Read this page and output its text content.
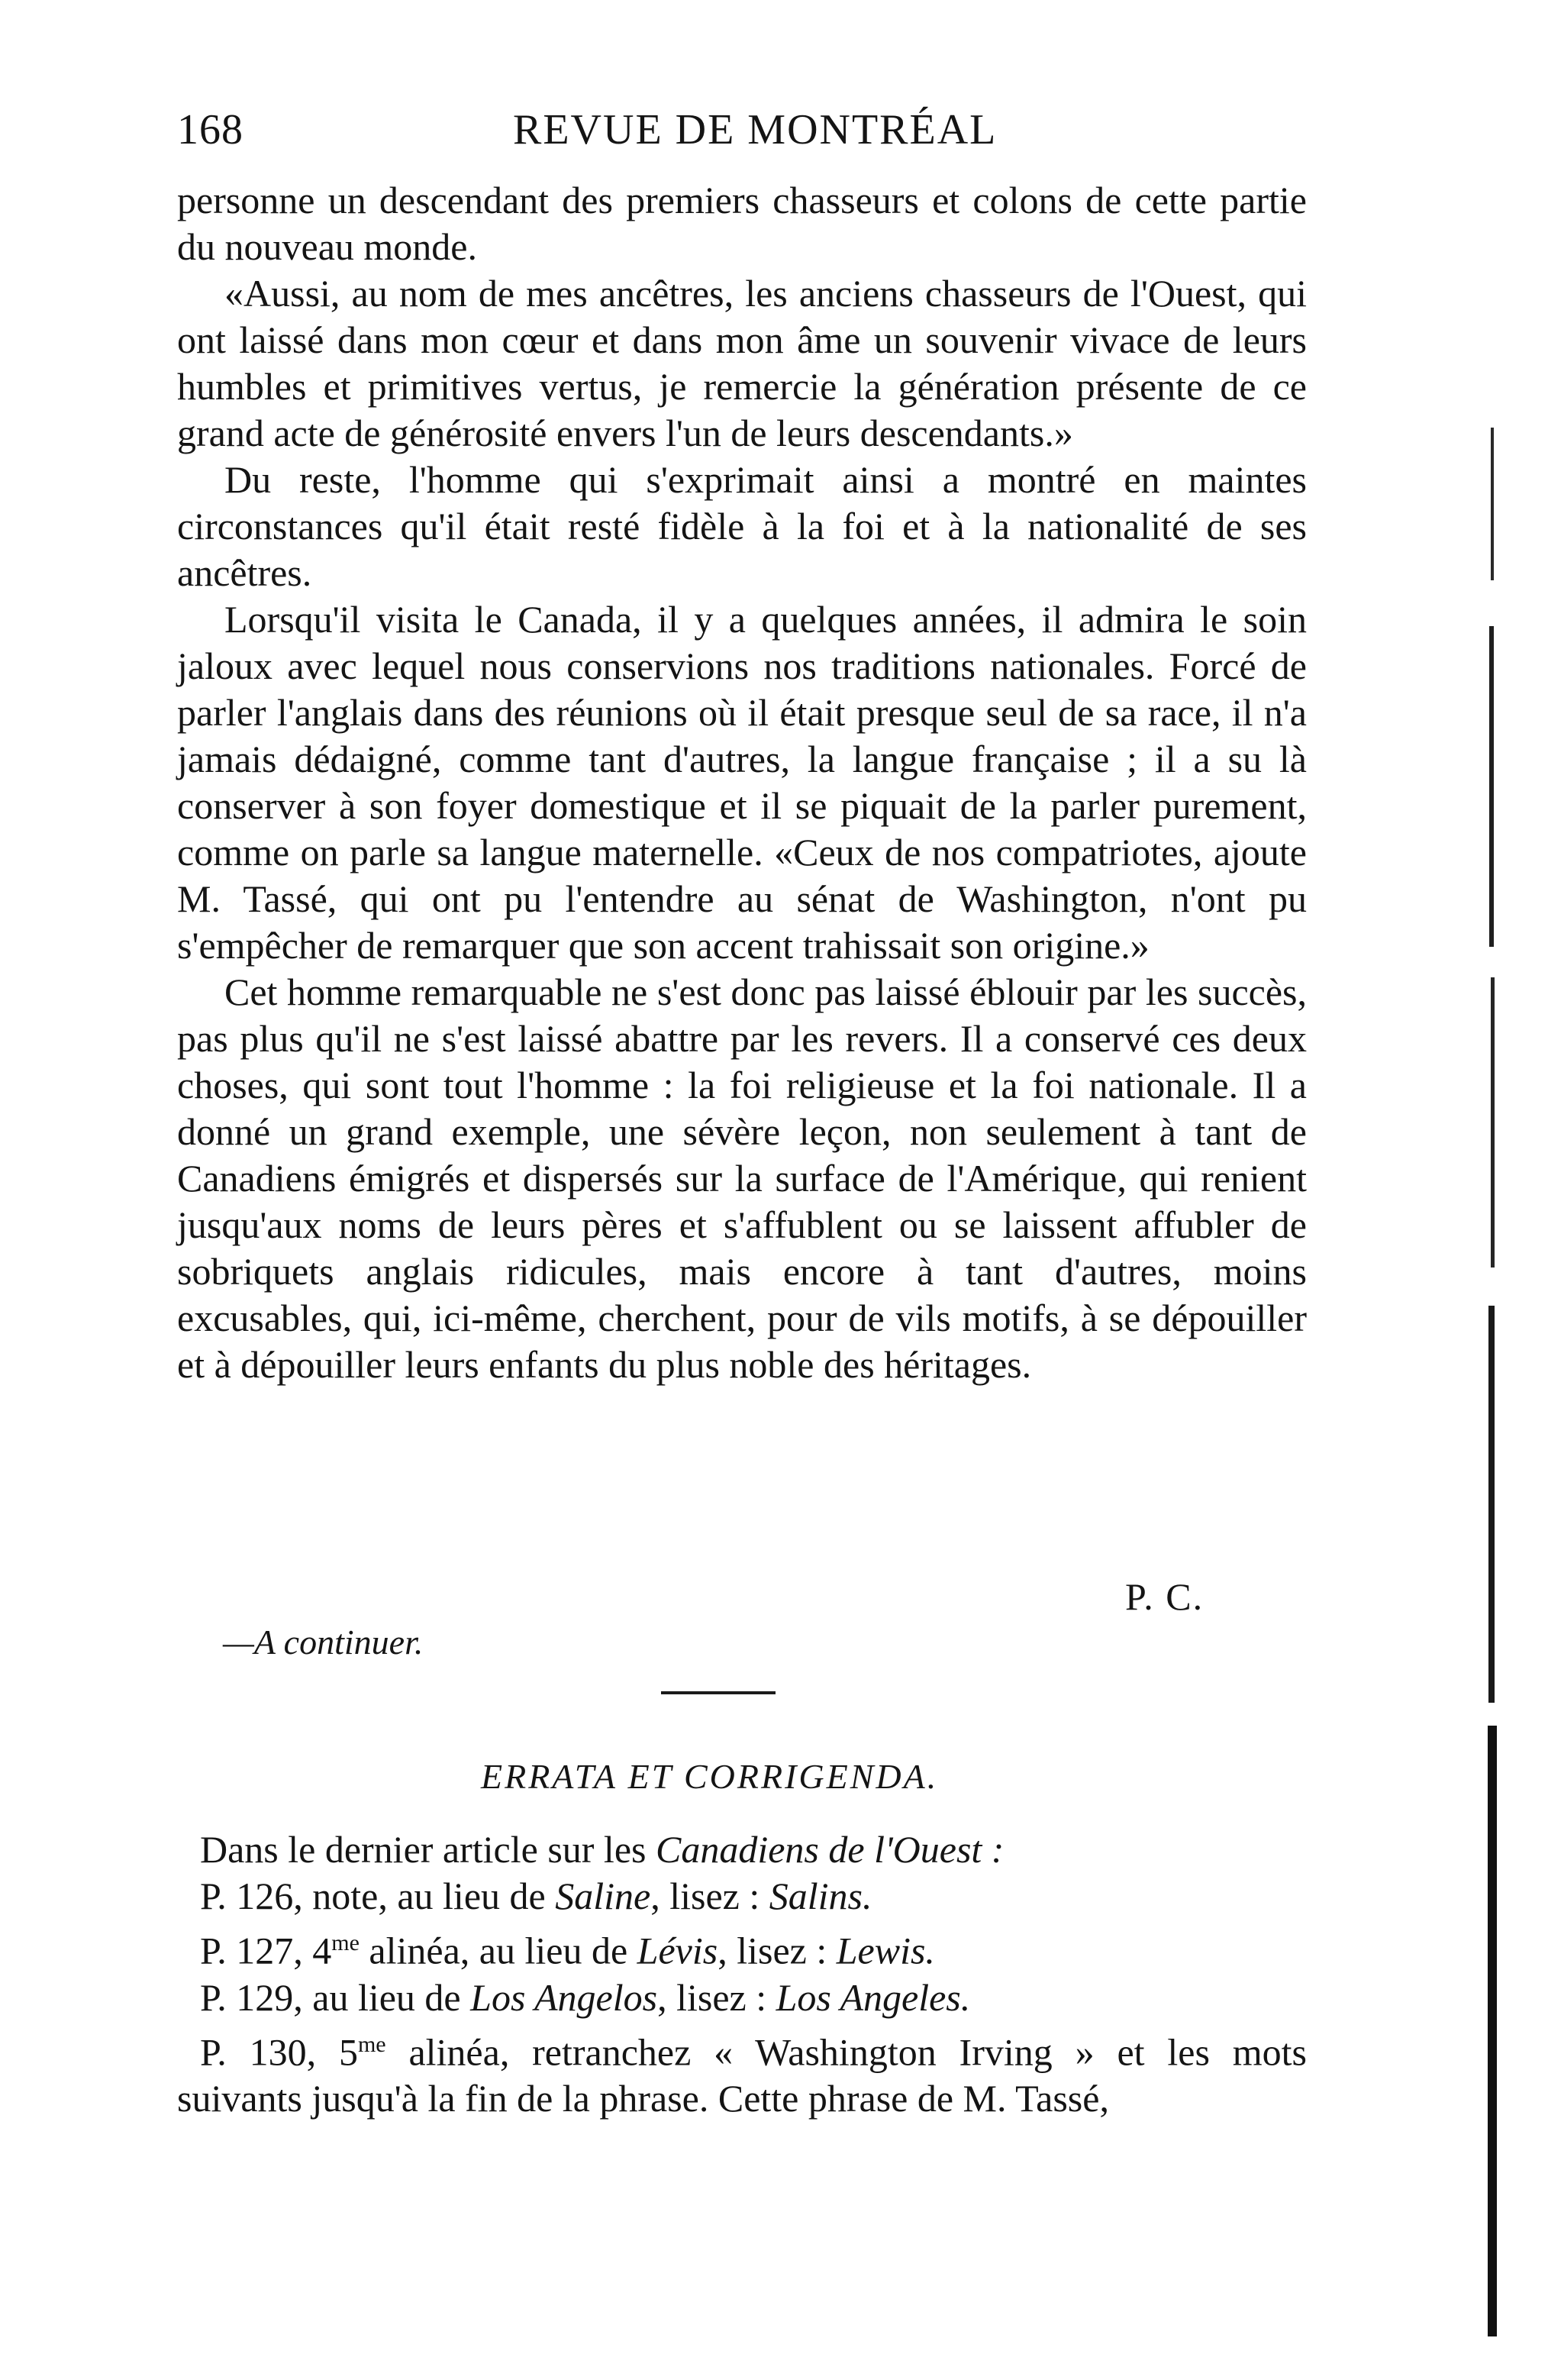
168	REVUE DE MONTRÉAL

personne un descendant des premiers chasseurs et colons de cette partie du nouveau monde.

«Aussi, au nom de mes ancêtres, les anciens chasseurs de l'Ouest, qui ont laissé dans mon cœur et dans mon âme un souvenir vivace de leurs humbles et primitives vertus, je remercie la génération présente de ce grand acte de générosité envers l'un de leurs descendants.»

Du reste, l'homme qui s'exprimait ainsi a montré en maintes circonstances qu'il était resté fidèle à la foi et à la nationalité de ses ancêtres.

Lorsqu'il visita le Canada, il y a quelques années, il admira le soin jaloux avec lequel nous conservions nos traditions nationales. Forcé de parler l'anglais dans des réunions où il était presque seul de sa race, il n'a jamais dédaigné, comme tant d'autres, la langue française ; il a su là conserver à son foyer domestique et il se piquait de la parler purement, comme on parle sa langue maternelle. «Ceux de nos compatriotes, ajoute M. Tassé, qui ont pu l'entendre au sénat de Washington, n'ont pu s'empêcher de remarquer que son accent trahissait son origine.»

Cet homme remarquable ne s'est donc pas laissé éblouir par les succès, pas plus qu'il ne s'est laissé abattre par les revers. Il a conservé ces deux choses, qui sont tout l'homme : la foi religieuse et la foi nationale. Il a donné un grand exemple, une sévère leçon, non seulement à tant de Canadiens émigrés et dispersés sur la surface de l'Amérique, qui renient jusqu'aux noms de leurs pères et s'affublent ou se laissent affubler de sobriquets anglais ridicules, mais encore à tant d'autres, moins excusables, qui, ici-même, cherchent, pour de vils motifs, à se dépouiller et à dépouiller leurs enfants du plus noble des héritages.

P. C.
—A continuer.
ERRATA ET CORRIGENDA.
Dans le dernier article sur les Canadiens de l'Ouest :
P. 126, note, au lieu de Saline, lisez : Salins.
P. 127, $4^{me}$ alinéa, au lieu de Lévis, lisez : Lewis.
P. 129, au lieu de Los Angelos, lisez : Los Angeles.
P. 130, $5^{me}$ alinéa, retranchez « Washington Irving » et les mots
suivants jusqu'à la fin de la phrase. Cette phrase de M. Tassé,
